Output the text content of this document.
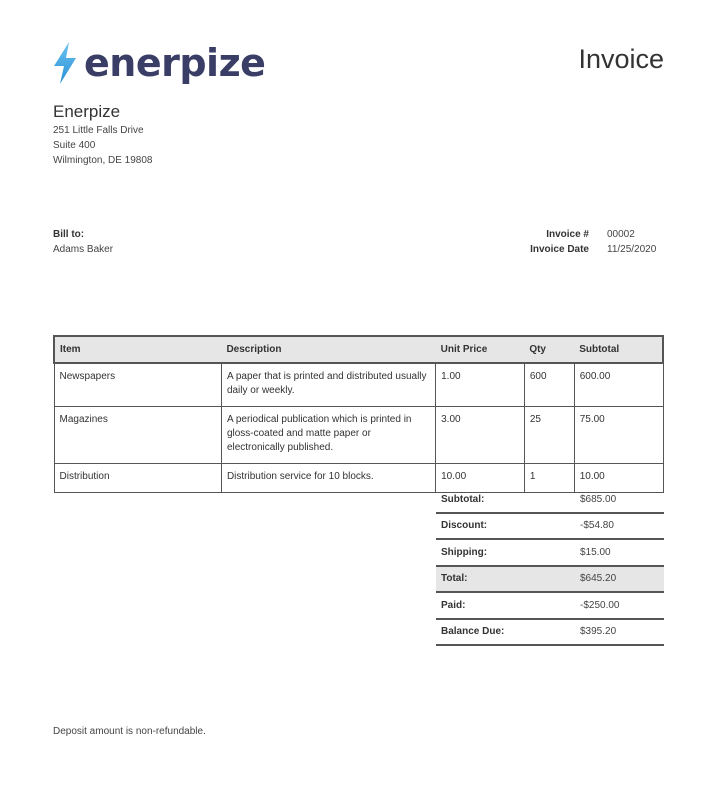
enerpize	Invoice
Enerpize
251 Little Falls Drive
Suite 400
Wilmington, DE 19808
Bill to:
Adams Baker
Invoice # 00002
Invoice Date 11/25/2020
Item	Description	Unit Price	Qty	Subtotal
Newspapers	A paper that is printed and distributed usually daily or weekly.	1.00	600	600.00
Magazines	A periodical publication which is printed in gloss-coated and matte paper or electronically published.	3.00	25	75.00
Distribution	Distribution service for 10 blocks.	10.00	1	10.00
Subtotal:	$685.00
Discount:	-$54.80
Shipping:	$15.00
Total:	$645.20
Paid:	-$250.00
Balance Due:	$395.20
Deposit amount is non-refundable.
